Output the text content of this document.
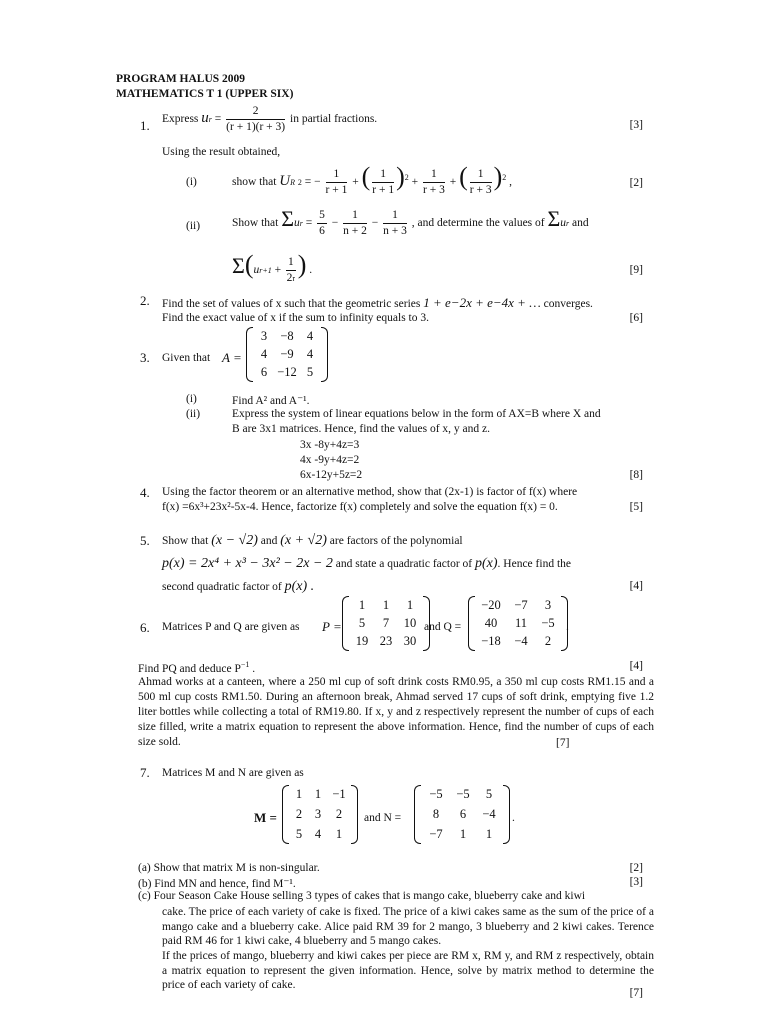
PROGRAM HALUS 2009
MATHEMATICS T 1 (UPPER SIX)
1. Express ur = $\frac{2}{(r + 1)(r + 3)}$ in partial fractions.	[3]
Using the result obtained,
(i)	show that UR 2 = − $\frac{1}{r + 1}$ + ( $\frac{1}{r + 1} )^2 + \frac{1}{r + 3}$ + ( $\frac{1}{r + 3} )^2$ ,	[2]
(ii)	Show that $\Sigma ur = \frac{5}{6} - \frac{1}{n + 2} - \frac{1}{n + 3}$ , and determine the values of Σur and
$\Sigma(ur+1 + \frac{1}{2r}$ ) .	[9]
2. Find the set of values of x such that the geometric series 1 + e−2x + e−4x + … converges.
Find the exact value of x if the sum to infinity equals to 3.	[6]
3. Given that A =
3	−8	4
4	−9	4
6 −12 5
(i)	Find A² and A⁻¹.
(ii)	Express the system of linear equations below in the form of AX=B where X and
B are 3x1 matrices. Hence, find the values of x, y and z.
3x -8y+4z=3
4x -9y+4z=2
6x-12y+5z=2	[8]
4. Using the factor theorem or an alternative method, show that (2x-1) is factor of f(x) where
f(x) =6x³+23x²-5x-4. Hence, factorize f(x) completely and solve the equation f(x) = 0.	[5]
5. Show that (x − √2) and (x + √2) are factors of the polynomial
p(x) = 2x⁴ + x³ − 3x² − 2x − 2 and state a quadratic factor of p(x). Hence find the
second quadratic factor of p(x) .	[4]
6. Matrices P and Q are given as P =
1	1	1
5	7	10
19 23 30
and Q =
−20	−7	3
40	11	−5
−18	−4	2
.
Find PQ and deduce $P^{-1}$ .	[4]
Ahmad works at a canteen, where a 250 ml cup of soft drink costs RM0.95, a 350 ml cup costs RM1.15 and a 500 ml cup costs RM1.50. During an afternoon break, Ahmad served 17 cups of soft drink, emptying five 1.2 liter bottles while collecting a total of RM19.80. If x, y and z respectively represent the number of cups of each size filled, write a matrix equation to represent the above information. Hence, find the number of cups of each size sold.	[7]
7. Matrices M and N are given as
M =
1	1 −1
2	3	2
5	4	1
and N =
−5	−5	5
8	6	−4
−7	1	1
.
(a) Show that matrix M is non-singular.	[2]
(b) Find MN and hence, find M⁻¹.	[3]
(c) Four Season Cake House selling 3 types of cakes that is mango cake, blueberry cake and kiwi
cake. The price of each variety of cake is fixed. The price of a kiwi cakes same as the sum of the price of a mango cake and a blueberry cake. Alice paid RM 39 for 2 mango, 3 blueberry and 2 kiwi cakes. Terence paid RM 46 for 1 kiwi cake, 4 blueberry and 5 mango cakes.
If the prices of mango, blueberry and kiwi cakes per piece are RM x, RM y, and RM z respectively, obtain a matrix equation to represent the given information. Hence, solve by matrix method to determine the price of each variety of cake.
[7]
